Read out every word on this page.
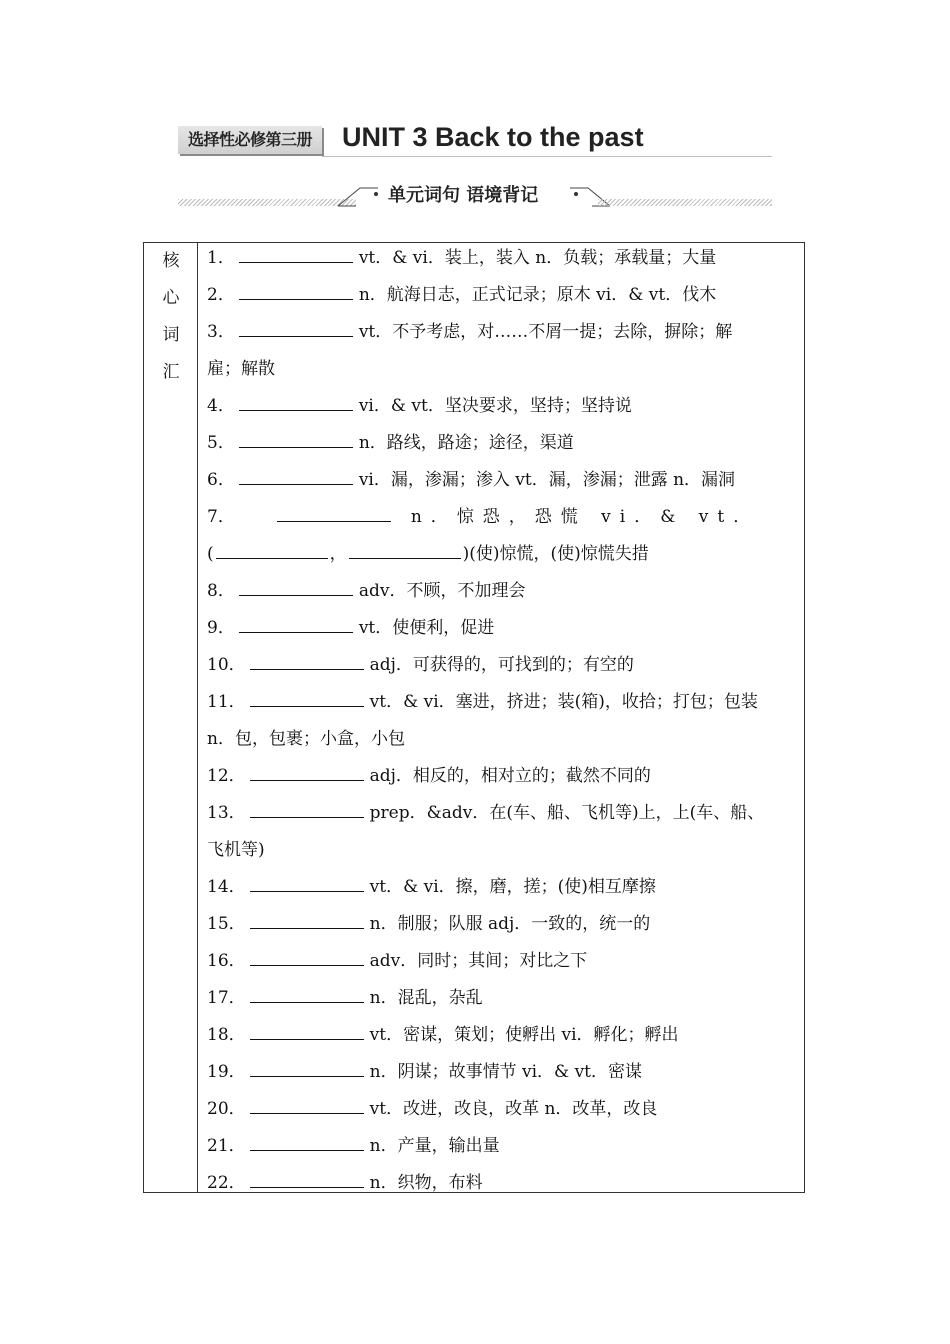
选择性必修第三册	UNIT 3 Back to the past
单元词句 语境背记
核
心
词
汇
1．	vt．& vi．装上，装入 n．负载；承载量；大量
2．	n．航海日志，正式记录；原木 vi．& vt．伐木
3．	vt．不予考虑，对……不屑一提；去除，摒除；解
雇；解散
4．	vi．& vt．坚决要求，坚持；坚持说
5．	n．路线，路途；途径，渠道
6．	vi．漏，渗漏；渗入 vt．漏，渗漏；泄露 n．漏洞
7．	n．惊恐，恐慌 vi．& vt．
(	，	)(使)惊慌，(使)惊慌失措
8．	adv．不顾，不加理会
9．	vt．使便利，促进
10．	adj．可获得的，可找到的；有空的
11．	vt．& vi．塞进，挤进；装(箱)，收拾；打包；包装
n．包，包裹；小盒，小包
12．	adj．相反的，相对立的；截然不同的
13．	prep．&adv．在(车、船、飞机等)上，上(车、船、
飞机等)
14．	vt．& vi．擦，磨，搓；(使)相互摩擦
15．	n．制服；队服 adj．一致的，统一的
16．	adv．同时；其间；对比之下
17．	n．混乱，杂乱
18．	vt．密谋，策划；使孵出 vi．孵化；孵出
19．	n．阴谋；故事情节 vi．& vt．密谋
20．	vt．改进，改良，改革 n．改革，改良
21．	n．产量，输出量
22．	n．织物，布料
